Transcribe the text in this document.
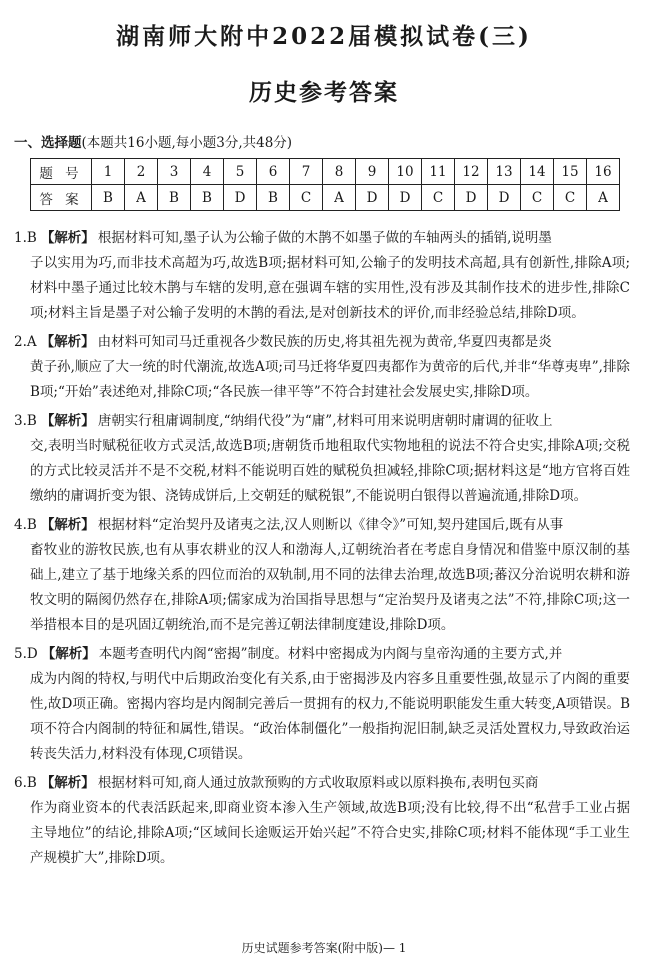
湖南师大附中2022届模拟试卷(三)
历史参考答案
一、选择题(本题共16小题,每小题3分,共48分)
题 号	1	2	3	4	5	6	7	8	9	10	11	12	13	14	15	16
答 案	B	A	B	B	D	B	C	A	D	D	C	D	D	C	C	A
1.B 【解析】 根据材料可知,墨子认为公输子做的木鹊不如墨子做的车轴两头的插销,说明墨
子以实用为巧,而非技术高超为巧,故选B项;据材料可知,公输子的发明技术高超,具有创新性,排除A项;材料中墨子通过比较木鹊与车辖的发明,意在强调车辖的实用性,没有涉及其制作技术的进步性,排除C项;材料主旨是墨子对公输子发明的木鹊的看法,是对创新技术的评价,而非经验总结,排除D项。
2.A 【解析】 由材料可知司马迁重视各少数民族的历史,将其祖先视为黄帝,华夏四夷都是炎
黄子孙,顺应了大一统的时代潮流,故选A项;司马迁将华夏四夷都作为黄帝的后代,并非“华尊夷卑”,排除B项;“开始”表述绝对,排除C项;“各民族一律平等”不符合封建社会发展史实,排除D项。
3.B 【解析】 唐朝实行租庸调制度,“纳绢代役”为“庸”,材料可用来说明唐朝时庸调的征收上
交,表明当时赋税征收方式灵活,故选B项;唐朝货币地租取代实物地租的说法不符合史实,排除A项;交税的方式比较灵活并不是不交税,材料不能说明百姓的赋税负担减轻,排除C项;据材料这是“地方官将百姓缴纳的庸调折变为银、浇铸成饼后,上交朝廷的赋税银”,不能说明白银得以普遍流通,排除D项。
4.B 【解析】 根据材料“定治契丹及诸夷之法,汉人则断以《律令》”可知,契丹建国后,既有从事
畜牧业的游牧民族,也有从事农耕业的汉人和渤海人,辽朝统治者在考虑自身情况和借鉴中原汉制的基础上,建立了基于地缘关系的四位而治的双轨制,用不同的法律去治理,故选B项;蕃汉分治说明农耕和游牧文明的隔阂仍然存在,排除A项;儒家成为治国指导思想与“定治契丹及诸夷之法”不符,排除C项;这一举措根本目的是巩固辽朝统治,而不是完善辽朝法律制度建设,排除D项。
5.D 【解析】 本题考查明代内阁“密揭”制度。材料中密揭成为内阁与皇帝沟通的主要方式,并
成为内阁的特权,与明代中后期政治变化有关系,由于密揭涉及内容多且重要性强,故显示了内阁的重要性,故D项正确。密揭内容均是内阁制完善后一贯拥有的权力,不能说明职能发生重大转变,A项错误。B项不符合内阁制的特征和属性,错误。“政治体制僵化”一般指拘泥旧制,缺乏灵活处置权力,导致政治运转丧失活力,材料没有体现,C项错误。
6.B 【解析】 根据材料可知,商人通过放款预购的方式收取原料或以原料换布,表明包买商
作为商业资本的代表活跃起来,即商业资本渗入生产领域,故选B项;没有比较,得不出“私营手工业占据主导地位”的结论,排除A项;“区域间长途贩运开始兴起”不符合史实,排除C项;材料不能体现“手工业生产规模扩大”,排除D项。
历史试题参考答案(附中版)— 1
